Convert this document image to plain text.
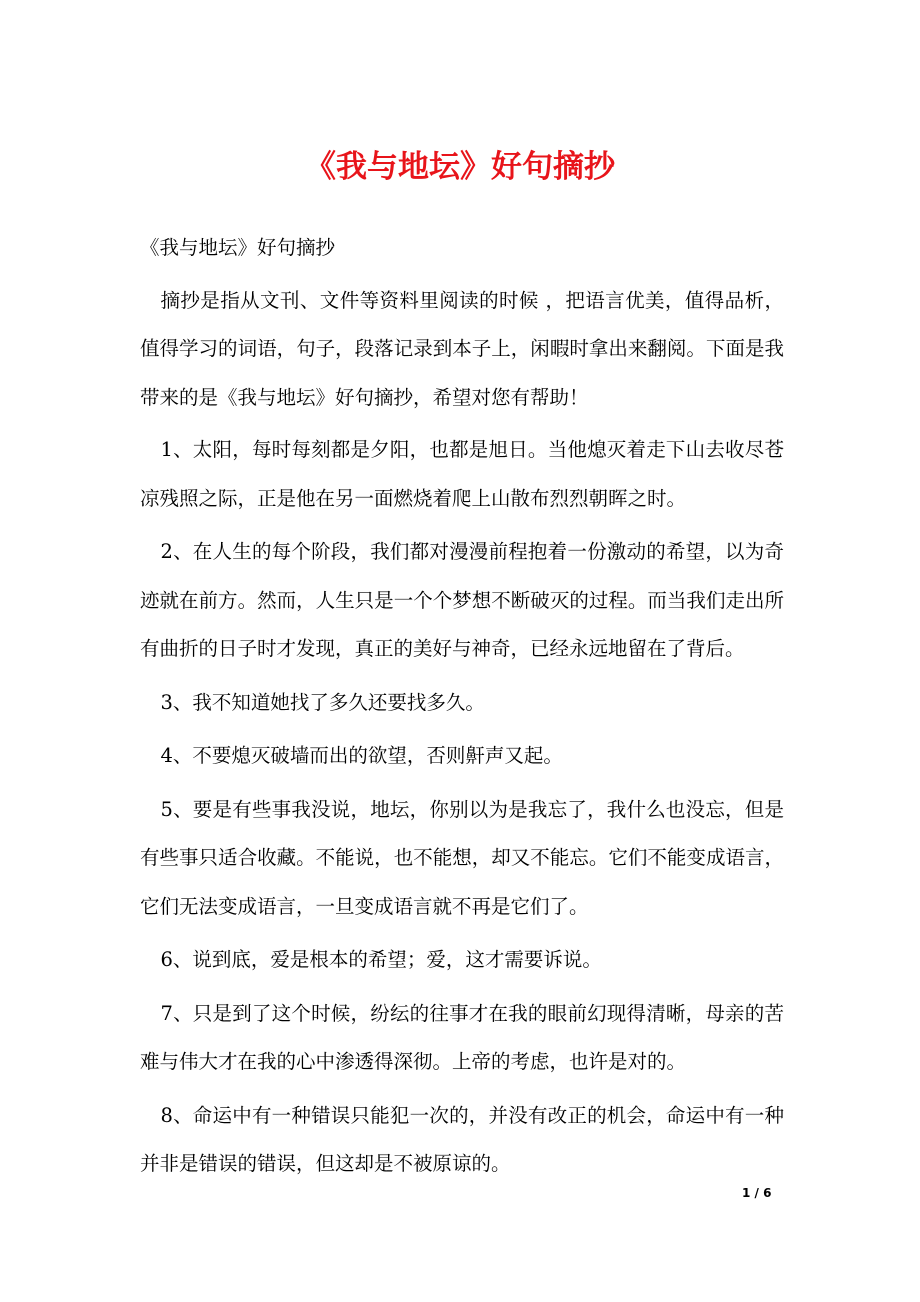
《我与地坛》好句摘抄

《我与地坛》好句摘抄

摘抄是指从文刊、文件等资料里阅读的时候 ，把语言优美，值得品析，值得学习的词语，句子，段落记录到本子上，闲暇时拿出来翻阅。下面是我带来的是《我与地坛》好句摘抄，希望对您有帮助！

1、太阳，每时每刻都是夕阳，也都是旭日。当他熄灭着走下山去收尽苍凉残照之际，正是他在另一面燃烧着爬上山散布烈烈朝晖之时。

2、在人生的每个阶段，我们都对漫漫前程抱着一份激动的希望，以为奇迹就在前方。然而，人生只是一个个梦想不断破灭的过程。而当我们走出所有曲折的日子时才发现，真正的美好与神奇，已经永远地留在了背后。

3、我不知道她找了多久还要找多久。

4、不要熄灭破墙而出的欲望，否则鼾声又起。

5、要是有些事我没说，地坛，你别以为是我忘了，我什么也没忘，但是有些事只适合收藏。不能说，也不能想，却又不能忘。它们不能变成语言，它们无法变成语言，一旦变成语言就不再是它们了。

6、说到底，爱是根本的希望；爱，这才需要诉说。

7、只是到了这个时候，纷纭的往事才在我的眼前幻现得清晰，母亲的苦难与伟大才在我的心中渗透得深彻。上帝的考虑，也许是对的。

8、命运中有一种错误只能犯一次的，并没有改正的机会，命运中有一种并非是错误的错误，但这却是不被原谅的。

1 / 6
